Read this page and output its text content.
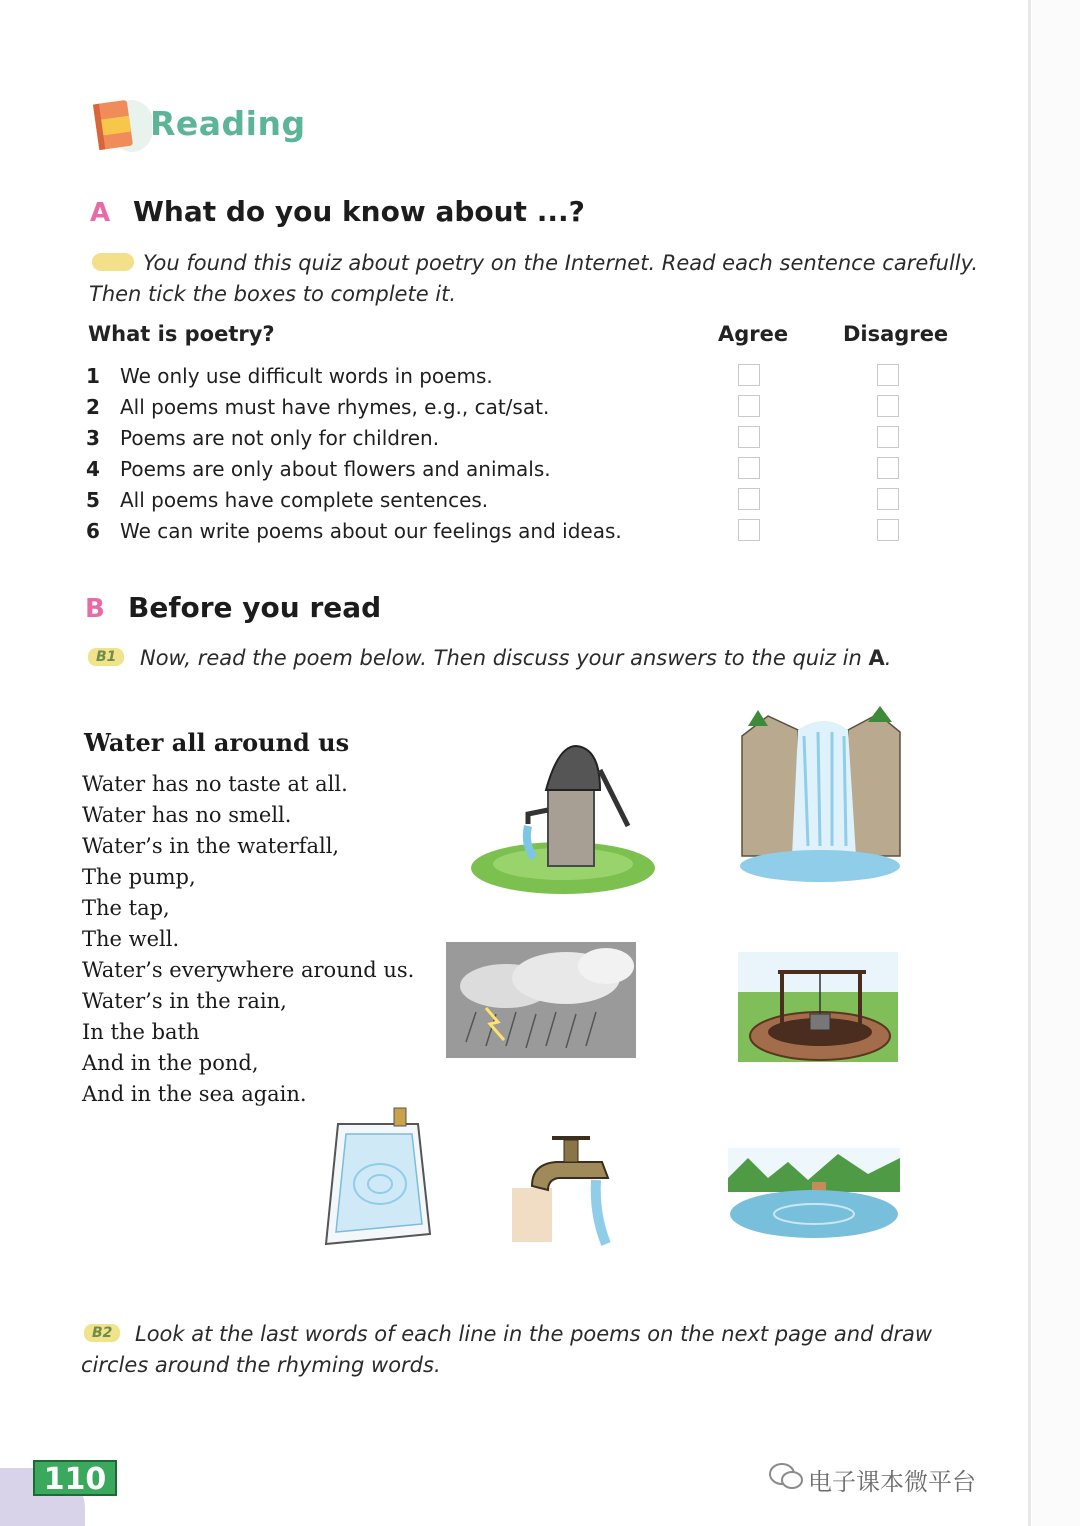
Reading
A What do you know about ...?
You found this quiz about poetry on the Internet. Read each sentence carefully.
Then tick the boxes to complete it.
What is poetry?	Agree	Disagree
1 We only use difficult words in poems.
2 All poems must have rhymes, e.g., cat/sat.
3 Poems are not only for children.
4 Poems are only about flowers and animals.
5 All poems have complete sentences.
6 We can write poems about our feelings and ideas.
B Before you read
B1	Now, read the poem below. Then discuss your answers to the quiz in A.
Water all around us
Water has no taste at all.
Water has no smell.
Water’s in the waterfall,
The pump,
The tap,
The well.
Water’s everywhere around us.
Water’s in the rain,
In the bath
And in the pond,
And in the sea again.
B2	Look at the last words of each line in the poems on the next page and draw
circles around the rhyming words.
110	电子课本微平台
